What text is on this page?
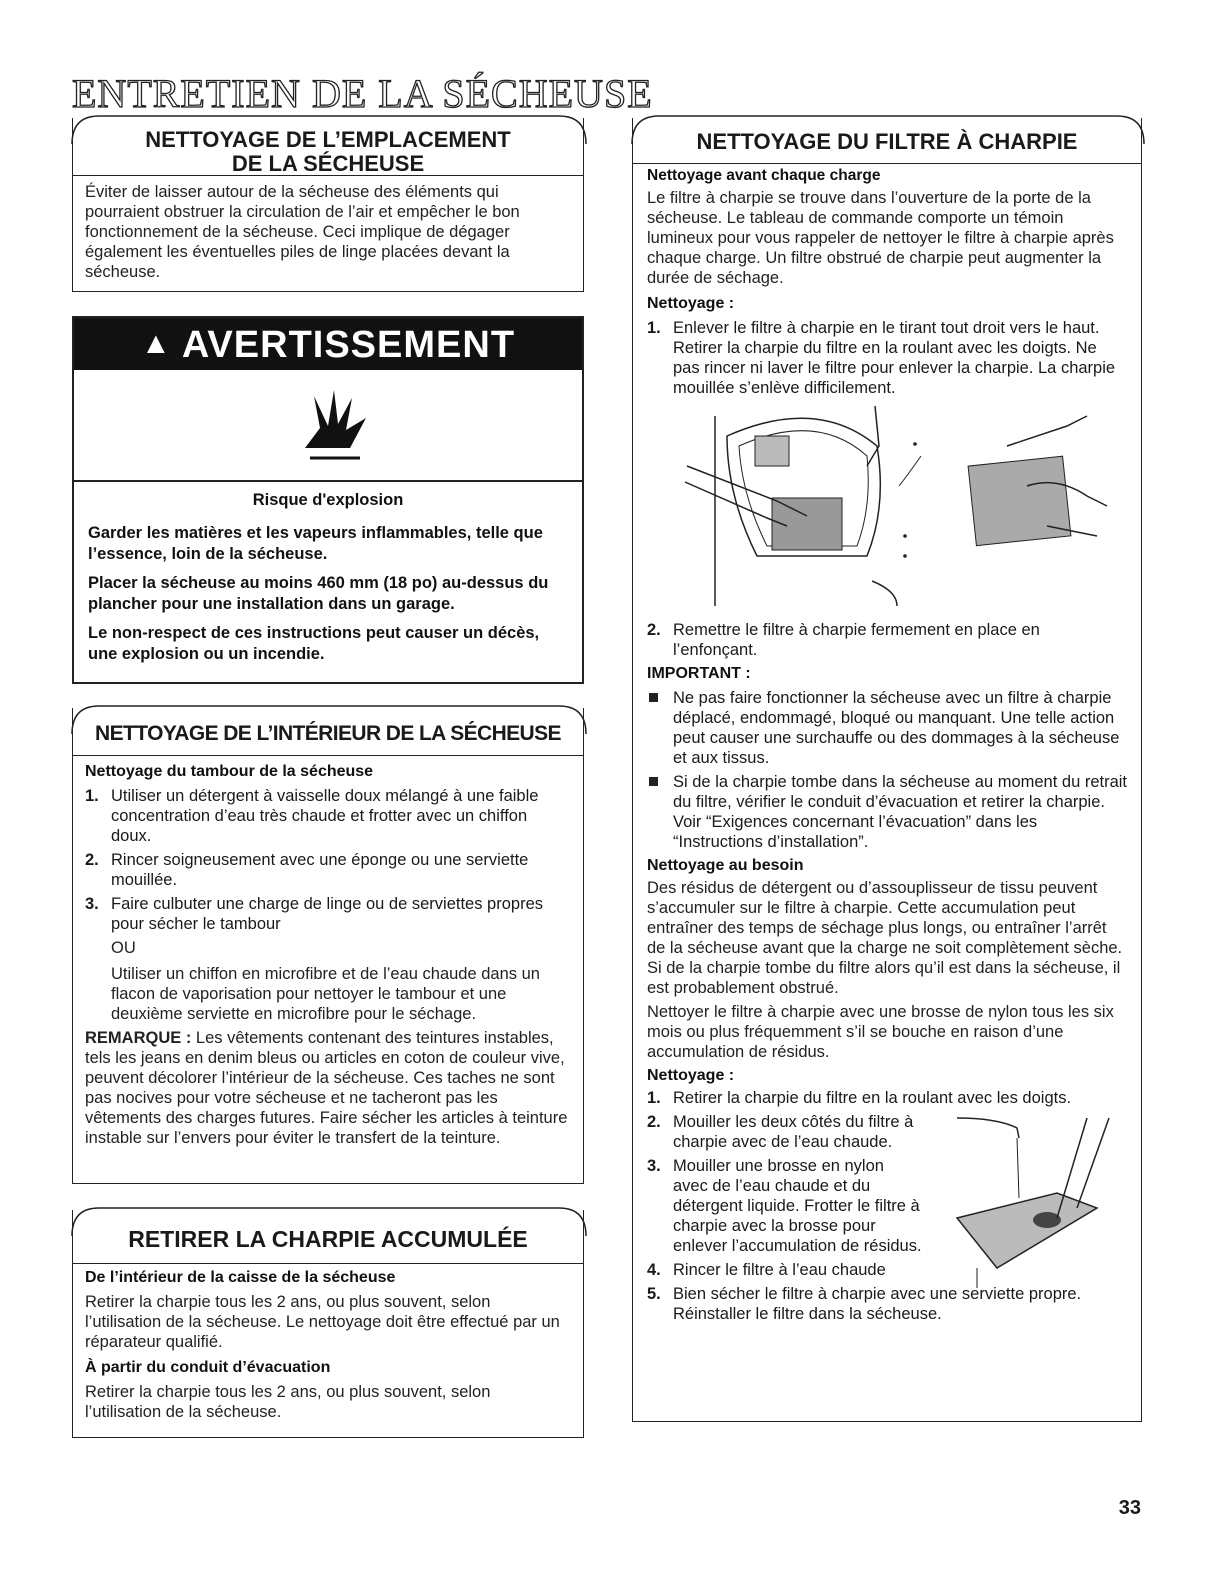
ENTRETIEN DE LA SÉCHEUSE
NETTOYAGE DE L’EMPLACEMENT
DE LA SÉCHEUSE

Éviter de laisser autour de la sécheuse des éléments qui pourraient obstruer la circulation de l’air et empêcher le bon fonctionnement de la sécheuse. Ceci implique de dégager également les éventuelles piles de linge placées devant la sécheuse.

▲ AVERTISSEMENT

Risque d'explosion

Garder les matières et les vapeurs inflammables, telle que l’essence, loin de la sécheuse.

Placer la sécheuse au moins 460 mm (18 po) au-dessus du plancher pour une installation dans un garage.

Le non-respect de ces instructions peut causer un décès, une explosion ou un incendie.

NETTOYAGE DE L’INTÉRIEUR DE LA SÉCHEUSE

Nettoyage du tambour de la sécheuse

1. Utiliser un détergent à vaisselle doux mélangé à une faible concentration d’eau très chaude et frotter avec un chiffon doux.
2. Rincer soigneusement avec une éponge ou une serviette mouillée.
3. Faire culbuter une charge de linge ou de serviettes propres pour sécher le tambour

OU

Utiliser un chiffon en microfibre et de l’eau chaude dans un flacon de vaporisation pour nettoyer le tambour et une deuxième serviette en microfibre pour le séchage.

REMARQUE : Les vêtements contenant des teintures instables, tels les jeans en denim bleus ou articles en coton de couleur vive, peuvent décolorer l’intérieur de la sécheuse. Ces taches ne sont pas nocives pour votre sécheuse et ne tacheront pas les vêtements des charges futures. Faire sécher les articles à teinture instable sur l’envers pour éviter le transfert de la teinture.

RETIRER LA CHARPIE ACCUMULÉE

De l’intérieur de la caisse de la sécheuse

Retirer la charpie tous les 2 ans, ou plus souvent, selon l’utilisation de la sécheuse. Le nettoyage doit être effectué par un réparateur qualifié.

À partir du conduit d’évacuation

Retirer la charpie tous les 2 ans, ou plus souvent, selon l’utilisation de la sécheuse.

NETTOYAGE DU FILTRE À CHARPIE

Nettoyage avant chaque charge

Le filtre à charpie se trouve dans l’ouverture de la porte de la sécheuse. Le tableau de commande comporte un témoin lumineux pour vous rappeler de nettoyer le filtre à charpie après chaque charge. Un filtre obstrué de charpie peut augmenter la durée de séchage.

Nettoyage :

1. Enlever le filtre à charpie en le tirant tout droit vers le haut. Retirer la charpie du filtre en la roulant avec les doigts. Ne pas rincer ni laver le filtre pour enlever la charpie. La charpie mouillée s’enlève difficilement.
2. Remettre le filtre à charpie fermement en place en l’enfonçant.

IMPORTANT :

Ne pas faire fonctionner la sécheuse avec un filtre à charpie déplacé, endommagé, bloqué ou manquant. Une telle action peut causer une surchauffe ou des dommages à la sécheuse et aux tissus.
Si de la charpie tombe dans la sécheuse au moment du retrait du filtre, vérifier le conduit d’évacuation et retirer la charpie. Voir “Exigences concernant l’évacuation” dans les “Instructions d’installation”.

Nettoyage au besoin

Des résidus de détergent ou d’assouplisseur de tissu peuvent s’accumuler sur le filtre à charpie. Cette accumulation peut entraîner des temps de séchage plus longs, ou entraîner l’arrêt de la sécheuse avant que la charge ne soit complètement sèche. Si de la charpie tombe du filtre alors qu’il est dans la sécheuse, il est probablement obstrué.

Nettoyer le filtre à charpie avec une brosse de nylon tous les six mois ou plus fréquemment s’il se bouche en raison d’une accumulation de résidus.

Nettoyage :

1. Retirer la charpie du filtre en la roulant avec les doigts.
2. Mouiller les deux côtés du filtre à charpie avec de l’eau chaude.
3. Mouiller une brosse en nylon avec de l’eau chaude et du détergent liquide. Frotter le filtre à charpie avec la brosse pour enlever l’accumulation de résidus.
4. Rincer le filtre à l’eau chaude
5. Bien sécher le filtre à charpie avec une serviette propre. Réinstaller le filtre dans la sécheuse.
33
